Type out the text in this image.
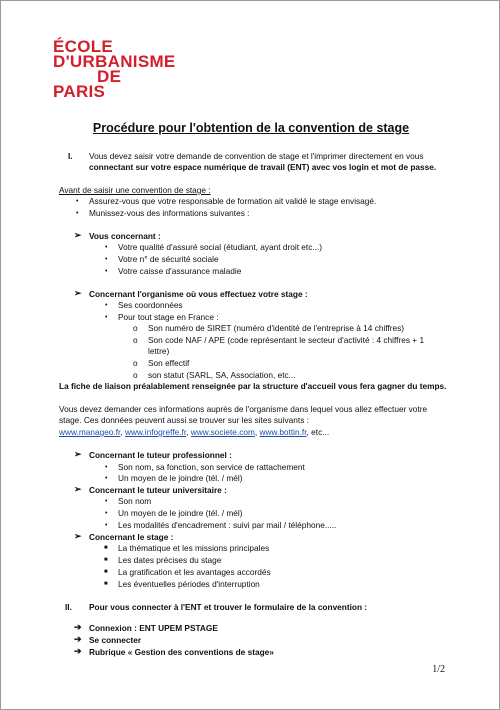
ÉCOLE
D'URBANISME
DE
PARIS
Procédure pour l'obtention de la convention de stage
I. Vous devez saisir votre demande de convention de stage et l'imprimer directement en vous
connectant sur votre espace numérique de travail (ENT) avec vos login et mot de passe.
Avant de saisir une convention de stage :
• Assurez-vous que votre responsable de formation ait validé le stage envisagé.
• Munissez-vous des informations suivantes :
➢ Vous concernant :
• Votre qualité d'assuré social (étudiant, ayant droit etc...)
• Votre n° de sécurité sociale
• Votre caisse d'assurance maladie
➢ Concernant l'organisme où vous effectuez votre stage :
• Ses coordonnées
• Pour tout stage en France :
o Son numéro de SIRET (numéro d'identité de l'entreprise à 14 chiffres)
o Son code NAF / APE (code représentant le secteur d'activité : 4 chiffres + 1
lettre)
o Son effectif
o son statut (SARL, SA, Association, etc...
La fiche de liaison préalablement renseignée par la structure d'accueil vous fera gagner du temps.
Vous devez demander ces informations auprès de l'organisme dans lequel vous allez effectuer votre
stage. Ces données peuvent aussi se trouver sur les sites suivants :
www.manageo.fr, www.infogreffe.fr, www.societe.com, www.bottin.fr, etc...
➢ Concernant le tuteur professionnel :
• Son nom, sa fonction, son service de rattachement
• Un moyen de le joindre (tél. / mél)
➢ Concernant le tuteur universitaire :
• Son nom
• Un moyen de le joindre (tél. / mél)
• Les modalités d'encadrement : suivi par mail / téléphone.....
➢ Concernant le stage :
■ La thématique et les missions principales
■ Les dates précises du stage
■ La gratification et les avantages accordés
■ Les éventuelles périodes d'interruption
II. Pour vous connecter à l'ENT et trouver le formulaire de la convention :
➔ Connexion : ENT UPEM PSTAGE
➔ Se connecter
➔ Rubrique « Gestion des conventions de stage»
1/2
